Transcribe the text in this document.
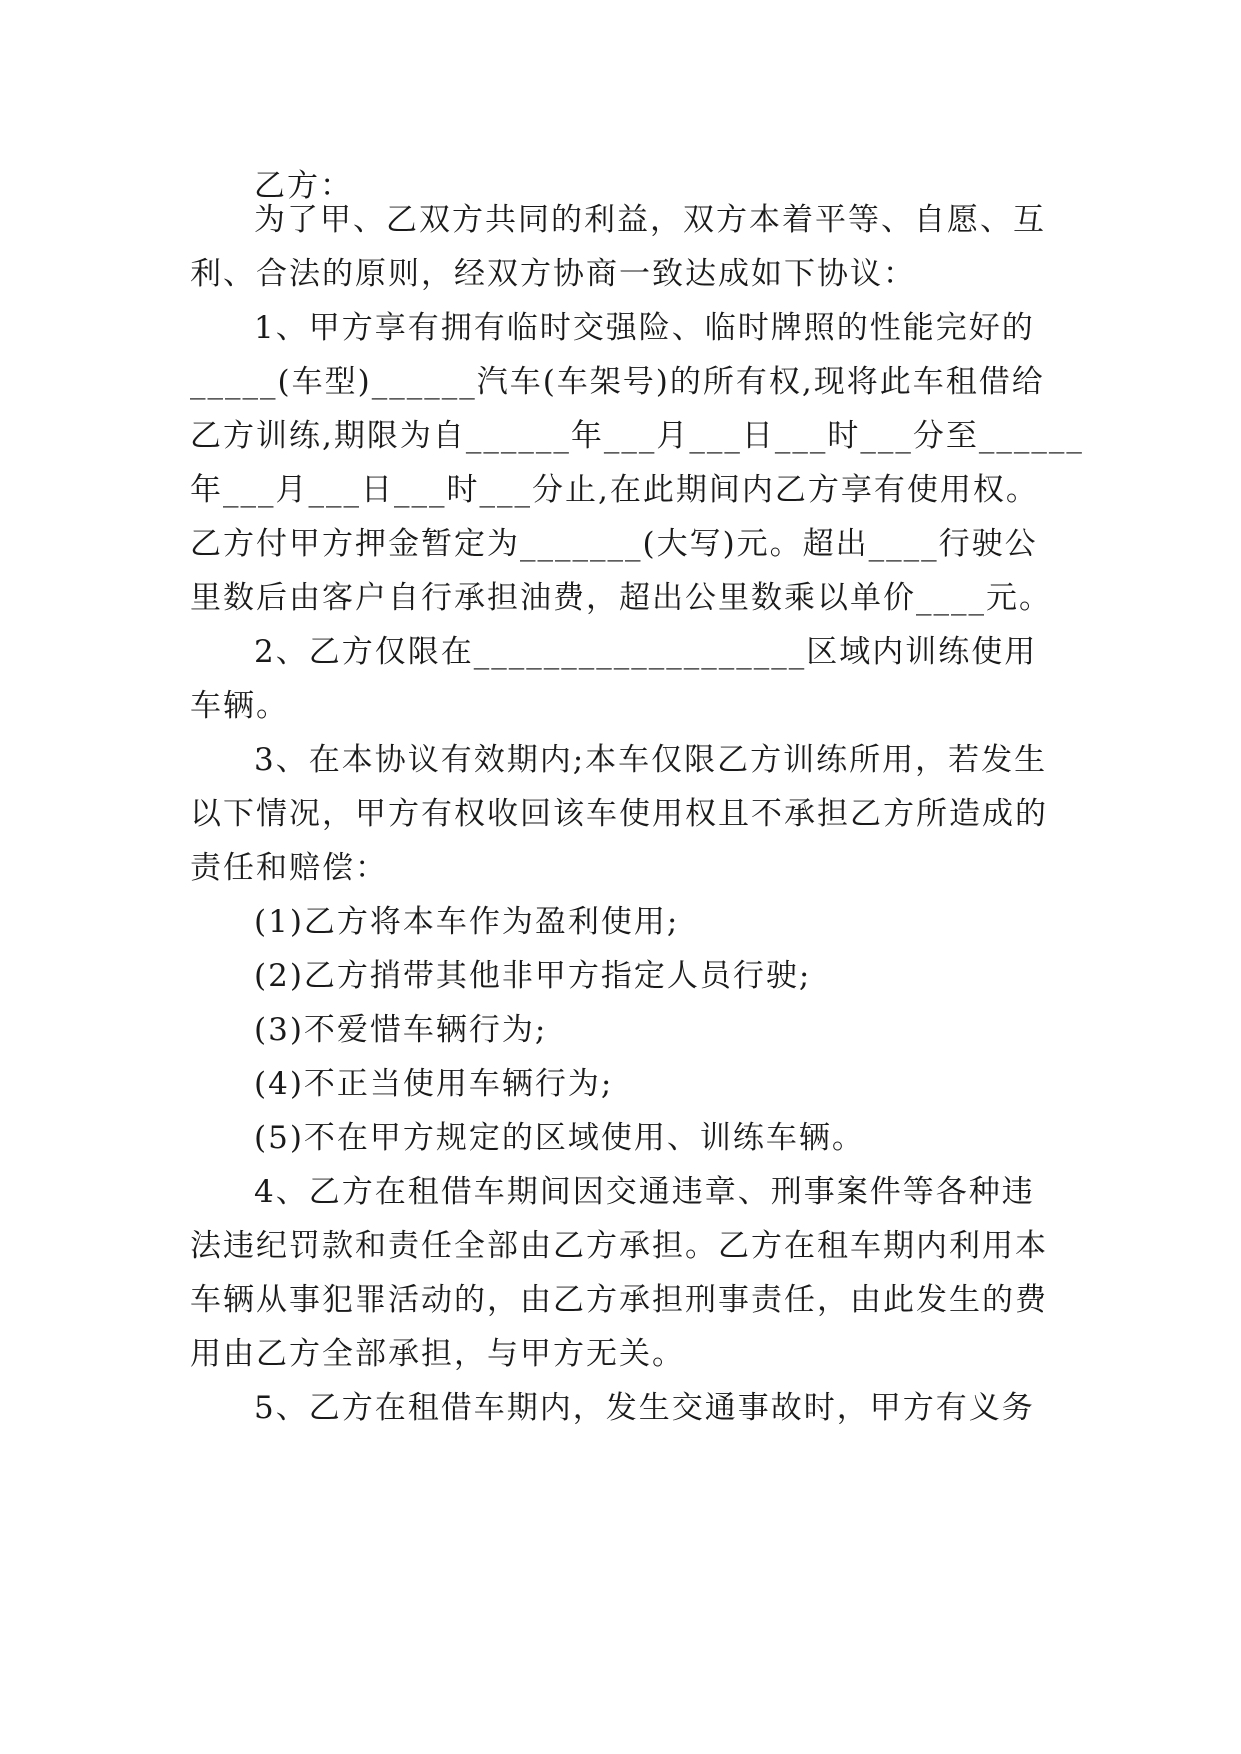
乙方：
为了甲、乙双方共同的利益，双方本着平等、自愿、互
利、合法的原则，经双方协商一致达成如下协议：
1、甲方享有拥有临时交强险、临时牌照的性能完好的
_____(车型)______汽车(车架号)的所有权,现将此车租借给
乙方训练,期限为自______年___月___日___时___分至______
年___月___日___时___分止,在此期间内乙方享有使用权。
乙方付甲方押金暂定为_______(大写)元。超出____行驶公
里数后由客户自行承担油费，超出公里数乘以单价____元。
2、乙方仅限在___________________区域内训练使用
车辆。
3、在本协议有效期内;本车仅限乙方训练所用，若发生
以下情况，甲方有权收回该车使用权且不承担乙方所造成的
责任和赔偿：
(1)乙方将本车作为盈利使用;
(2)乙方捎带其他非甲方指定人员行驶;
(3)不爱惜车辆行为;
(4)不正当使用车辆行为;
(5)不在甲方规定的区域使用、训练车辆。
4、乙方在租借车期间因交通违章、刑事案件等各种违
法违纪罚款和责任全部由乙方承担。乙方在租车期内利用本
车辆从事犯罪活动的，由乙方承担刑事责任，由此发生的费
用由乙方全部承担，与甲方无关。
5、乙方在租借车期内，发生交通事故时，甲方有义务
